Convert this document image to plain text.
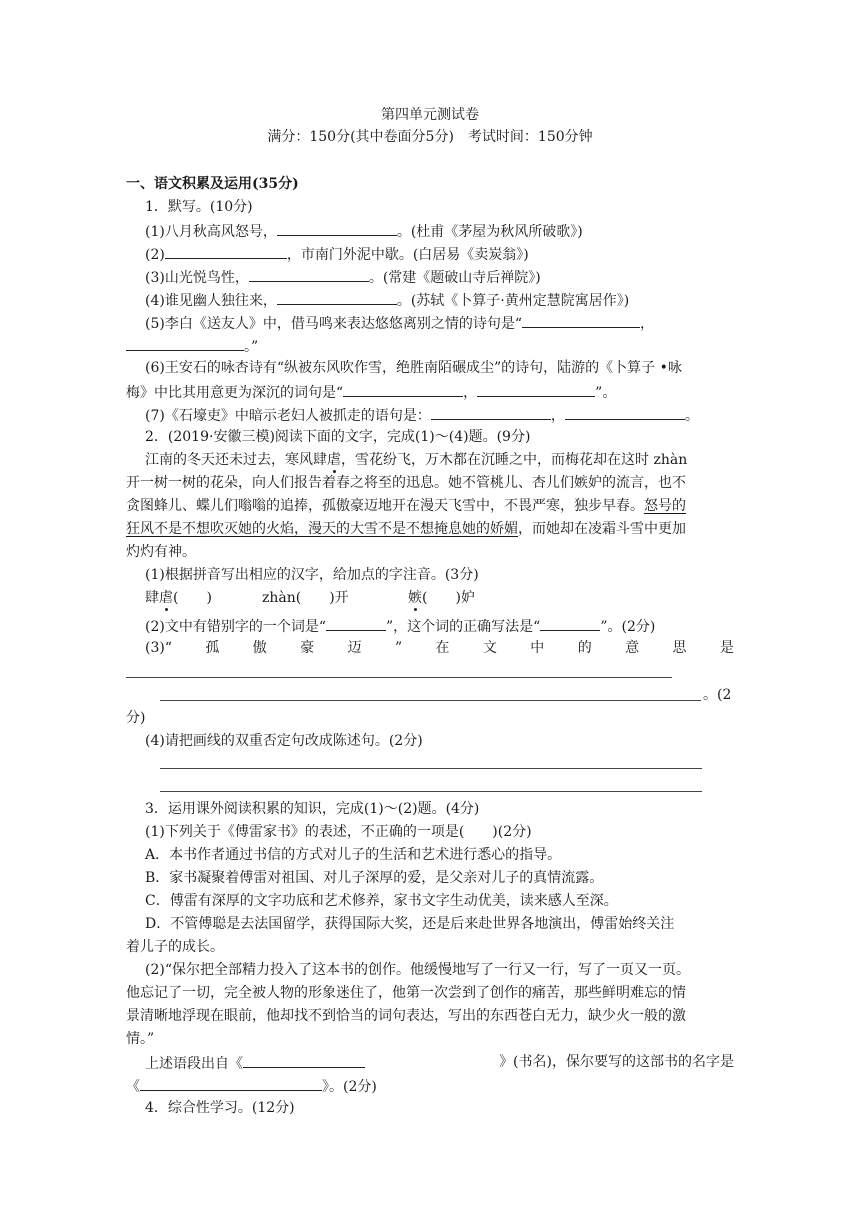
第四单元测试卷
满分：150分(其中卷面分5分)　考试时间：150分钟
一、语文积累及运用(35分)
1．默写。(10分)
(1)八月秋高风怒号，	。(杜甫《茅屋为秋风所破歌》)
(2)	，市南门外泥中歇。(白居易《卖炭翁》)
(3)山光悦鸟性，	。(常建《题破山寺后禅院》)
(4)谁见幽人独往来，	。(苏轼《卜算子·黄州定慧院寓居作》)
(5)李白《送友人》中，借马鸣来表达悠悠离别之情的诗句是“	，
。”
(6)王安石的咏杏诗有“纵被东风吹作雪，绝胜南陌碾成尘”的诗句，陆游的《卜算子 •咏
梅》中比其用意更为深沉的词句是“	，	”。
(7)《石壕吏》中暗示老妇人被抓走的语句是：	，	。
2．(2019·安徽三模)阅读下面的文字，完成(1)～(4)题。(9分)
江南的冬天还未过去，寒风肆虐，雪花纷飞，万木都在沉睡之中，而梅花却在这时 zhàn
开一树一树的花朵，向人们报告着春之将至的迅息。她不管桃儿、杏儿们嫉妒的流言，也不
贪图蜂儿、蝶儿们嗡嗡的追捧，孤傲豪迈地开在漫天飞雪中，不畏严寒，独步早春。怒号的
狂风不是不想吹灭她的火焰，漫天的大雪不是不想掩息她的娇媚，而她却在凌霜斗雪中更加
灼灼有神。
(1)根据拼音写出相应的汉字，给加点的字注音。(3分)
肆虐(　　)	zhàn(　　)开	嫉(　　)妒
(2)文中有错别字的一个词是“	”，这个词的正确写法是“	”。(2分)
(3)“ 孤 傲 豪 迈 ” 在 文 中 的 意 思 是
。(2
分)
(4)请把画线的双重否定句改成陈述句。(2分)
3．运用课外阅读积累的知识，完成(1)～(2)题。(4分)
(1)下列关于《傅雷家书》的表述，不正确的一项是(　　)(2分)
A．本书作者通过书信的方式对儿子的生活和艺术进行悉心的指导。
B．家书凝聚着傅雷对祖国、对儿子深厚的爱，是父亲对儿子的真情流露。
C．傅雷有深厚的文字功底和艺术修养，家书文字生动优美，读来感人至深。
D．不管傅聪是去法国留学，获得国际大奖，还是后来赴世界各地演出，傅雷始终关注
着儿子的成长。
(2)“保尔把全部精力投入了这本书的创作。他缓慢地写了一行又一行，写了一页又一页。
他忘记了一切，完全被人物的形象迷住了，他第一次尝到了创作的痛苦，那些鲜明难忘的情
景清晰地浮现在眼前，他却找不到恰当的词句表达，写出的东西苍白无力，缺少火一般的激
情。”
上述语段出自《	》(书名)，保尔要写的这部书的名字是
《	》。(2分)
4．综合性学习。(12分)
